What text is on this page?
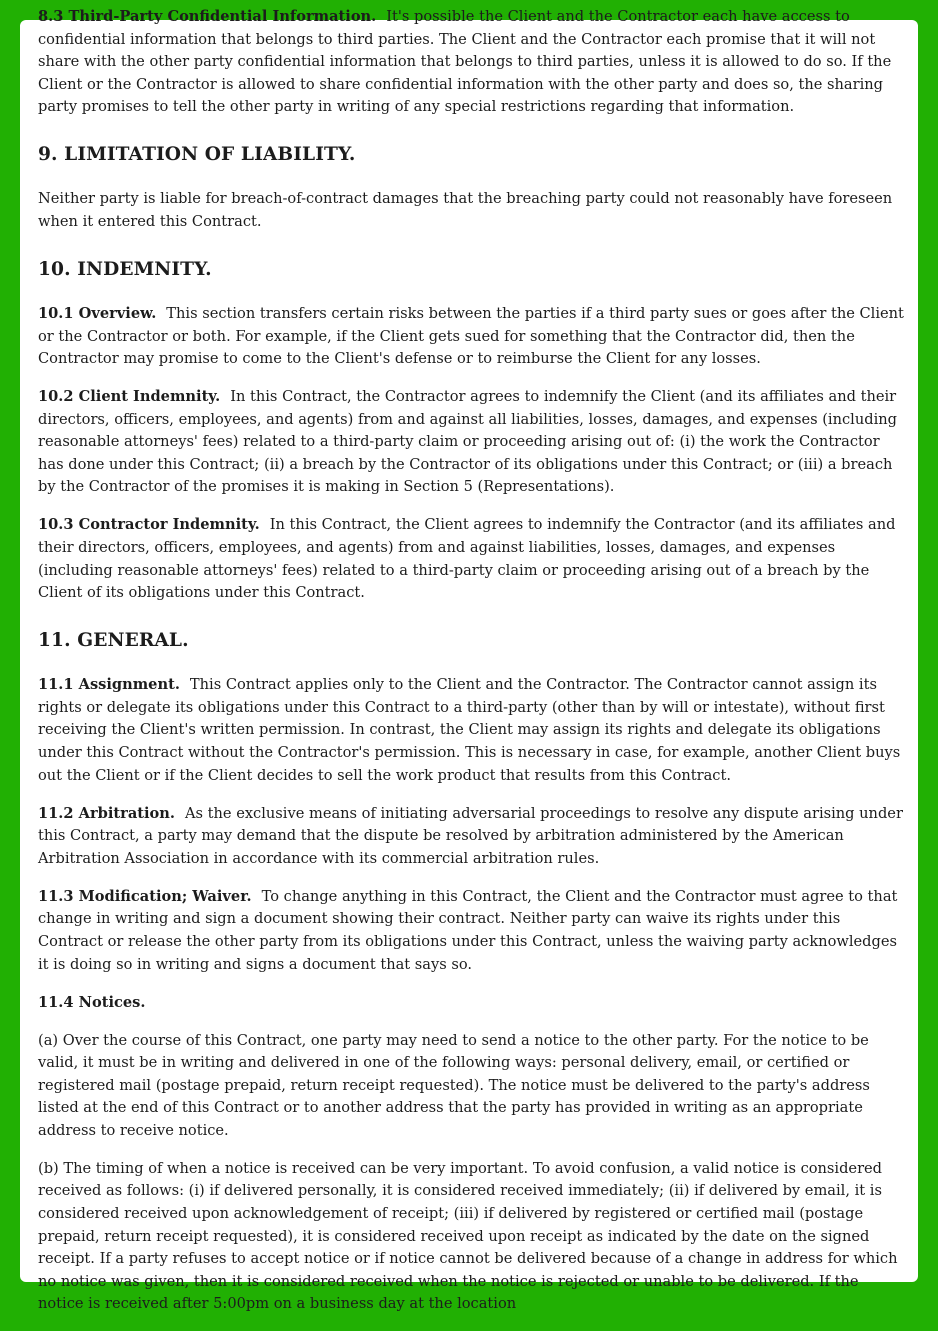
8.3 Third-Party Confidential Information. It's possible the Client and the Contractor each have access to confidential information that belongs to third parties. The Client and the Contractor each promise that it will not share with the other party confidential information that belongs to third parties, unless it is allowed to do so. If the Client or the Contractor is allowed to share confidential information with the other party and does so, the sharing party promises to tell the other party in writing of any special restrictions regarding that information.

9. LIMITATION OF LIABILITY.

Neither party is liable for breach-of-contract damages that the breaching party could not reasonably have foreseen when it entered this Contract.

10. INDEMNITY.

10.1 Overview. This section transfers certain risks between the parties if a third party sues or goes after the Client or the Contractor or both. For example, if the Client gets sued for something that the Contractor did, then the Contractor may promise to come to the Client's defense or to reimburse the Client for any losses.

10.2 Client Indemnity. In this Contract, the Contractor agrees to indemnify the Client (and its affiliates and their directors, officers, employees, and agents) from and against all liabilities, losses, damages, and expenses (including reasonable attorneys' fees) related to a third-party claim or proceeding arising out of: (i) the work the Contractor has done under this Contract; (ii) a breach by the Contractor of its obligations under this Contract; or (iii) a breach by the Contractor of the promises it is making in Section 5 (Representations).

10.3 Contractor Indemnity. In this Contract, the Client agrees to indemnify the Contractor (and its affiliates and their directors, officers, employees, and agents) from and against liabilities, losses, damages, and expenses (including reasonable attorneys' fees) related to a third-party claim or proceeding arising out of a breach by the Client of its obligations under this Contract.

11. GENERAL.

11.1 Assignment. This Contract applies only to the Client and the Contractor. The Contractor cannot assign its rights or delegate its obligations under this Contract to a third-party (other than by will or intestate), without first receiving the Client's written permission. In contrast, the Client may assign its rights and delegate its obligations under this Contract without the Contractor's permission. This is necessary in case, for example, another Client buys out the Client or if the Client decides to sell the work product that results from this Contract.

11.2 Arbitration. As the exclusive means of initiating adversarial proceedings to resolve any dispute arising under this Contract, a party may demand that the dispute be resolved by arbitration administered by the American Arbitration Association in accordance with its commercial arbitration rules.

11.3 Modification; Waiver. To change anything in this Contract, the Client and the Contractor must agree to that change in writing and sign a document showing their contract. Neither party can waive its rights under this Contract or release the other party from its obligations under this Contract, unless the waiving party acknowledges it is doing so in writing and signs a document that says so.

11.4 Notices.

(a) Over the course of this Contract, one party may need to send a notice to the other party. For the notice to be valid, it must be in writing and delivered in one of the following ways: personal delivery, email, or certified or registered mail (postage prepaid, return receipt requested). The notice must be delivered to the party's address listed at the end of this Contract or to another address that the party has provided in writing as an appropriate address to receive notice.

(b) The timing of when a notice is received can be very important. To avoid confusion, a valid notice is considered received as follows: (i) if delivered personally, it is considered received immediately; (ii) if delivered by email, it is considered received upon acknowledgement of receipt; (iii) if delivered by registered or certified mail (postage prepaid, return receipt requested), it is considered received upon receipt as indicated by the date on the signed receipt. If a party refuses to accept notice or if notice cannot be delivered because of a change in address for which no notice was given, then it is considered received when the notice is rejected or unable to be delivered. If the notice is received after 5:00pm on a business day at the location
